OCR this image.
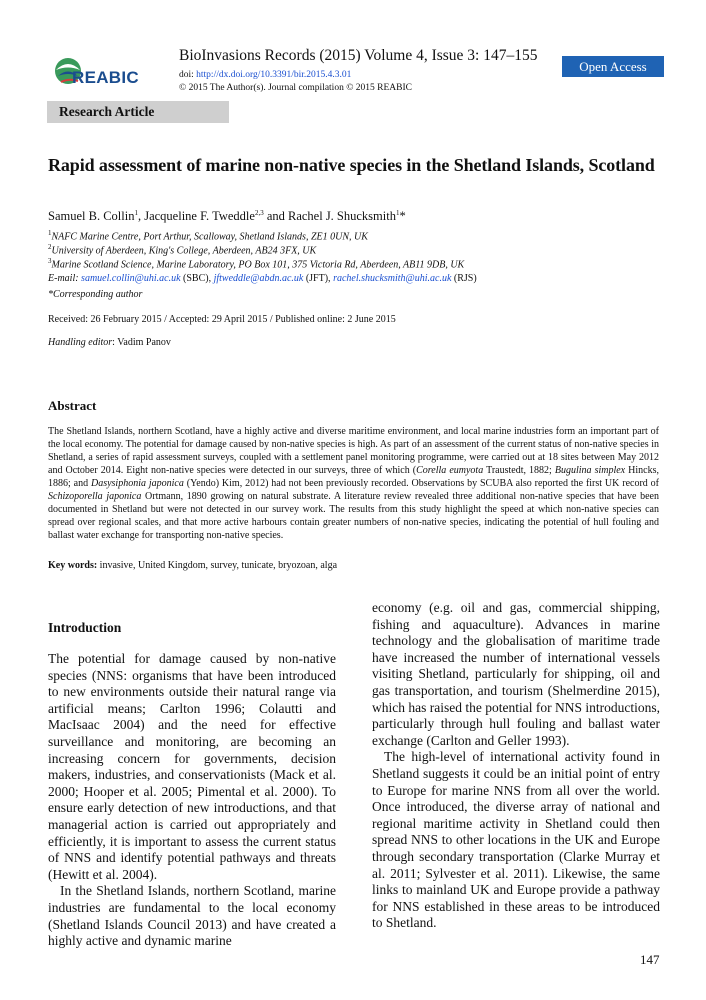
REABIC
BioInvasions Records (2015) Volume 4, Issue 3: 147–155
doi: http://dx.doi.org/10.3391/bir.2015.4.3.01
© 2015 The Author(s). Journal compilation © 2015 REABIC
Open Access
Research Article
Rapid assessment of marine non-native species in the Shetland Islands, Scotland
Samuel B. Collin$^1$, Jacqueline F. Tweddle$^{2,3}$ and Rachel J. Shucksmith$^1$*
$^1$NAFC Marine Centre, Port Arthur, Scalloway, Shetland Islands, ZE1 0UN, UK
$^2$University of Aberdeen, King's College, Aberdeen, AB24 3FX, UK
$^3$Marine Scotland Science, Marine Laboratory, PO Box 101, 375 Victoria Rd, Aberdeen, AB11 9DB, UK
E-mail: samuel.collin@uhi.ac.uk (SBC), jftweddle@abdn.ac.uk (JFT), rachel.shucksmith@uhi.ac.uk (RJS)
*Corresponding author
Received: 26 February 2015 / Accepted: 29 April 2015 / Published online: 2 June 2015
Handling editor: Vadim Panov
Abstract
The Shetland Islands, northern Scotland, have a highly active and diverse maritime environment, and local marine industries form an important part of the local economy. The potential for damage caused by non-native species is high. As part of an assessment of the current status of non-native species in Shetland, a series of rapid assessment surveys, coupled with a settlement panel monitoring programme, were carried out at 18 sites between May 2012 and October 2014. Eight non-native species were detected in our surveys, three of which (Corella eumyota Traustedt, 1882; Bugulina simplex Hincks, 1886; and Dasysiphonia japonica (Yendo) Kim, 2012) had not been previously recorded. Observations by SCUBA also reported the first UK record of Schizoporella japonica Ortmann, 1890 growing on natural substrate. A literature review revealed three additional non-native species that have been documented in Shetland but were not detected in our survey work. The results from this study highlight the speed at which non-native species can spread over regional scales, and that more active harbours contain greater numbers of non-native species, indicating the potential of hull fouling and ballast water exchange for transporting non-native species.
Key words: invasive, United Kingdom, survey, tunicate, bryozoan, alga
Introduction

The potential for damage caused by non-native species (NNS: organisms that have been introduced to new environments outside their natural range via artificial means; Carlton 1996; Colautti and MacIsaac 2004) and the need for effective surveillance and monitoring, are becoming an increasing concern for governments, decision makers, industries, and conservationists (Mack et al. 2000; Hooper et al. 2005; Pimental et al. 2000). To ensure early detection of new introductions, and that managerial action is carried out appropriately and efficiently, it is important to assess the current status of NNS and identify potential pathways and threats (Hewitt et al. 2004).

In the Shetland Islands, northern Scotland, marine industries are fundamental to the local economy (Shetland Islands Council 2013) and have created a highly active and dynamic marine

economy (e.g. oil and gas, commercial shipping, fishing and aquaculture). Advances in marine technology and the globalisation of maritime trade have increased the number of international vessels visiting Shetland, particularly for shipping, oil and gas transportation, and tourism (Shelmerdine 2015), which has raised the potential for NNS introductions, particularly through hull fouling and ballast water exchange (Carlton and Geller 1993).

The high-level of international activity found in Shetland suggests it could be an initial point of entry to Europe for marine NNS from all over the world. Once introduced, the diverse array of national and regional maritime activity in Shetland could then spread NNS to other locations in the UK and Europe through secondary transportation (Clarke Murray et al. 2011; Sylvester et al. 2011). Likewise, the same links to mainland UK and Europe provide a pathway for NNS established in these areas to be introduced to Shetland.

147
